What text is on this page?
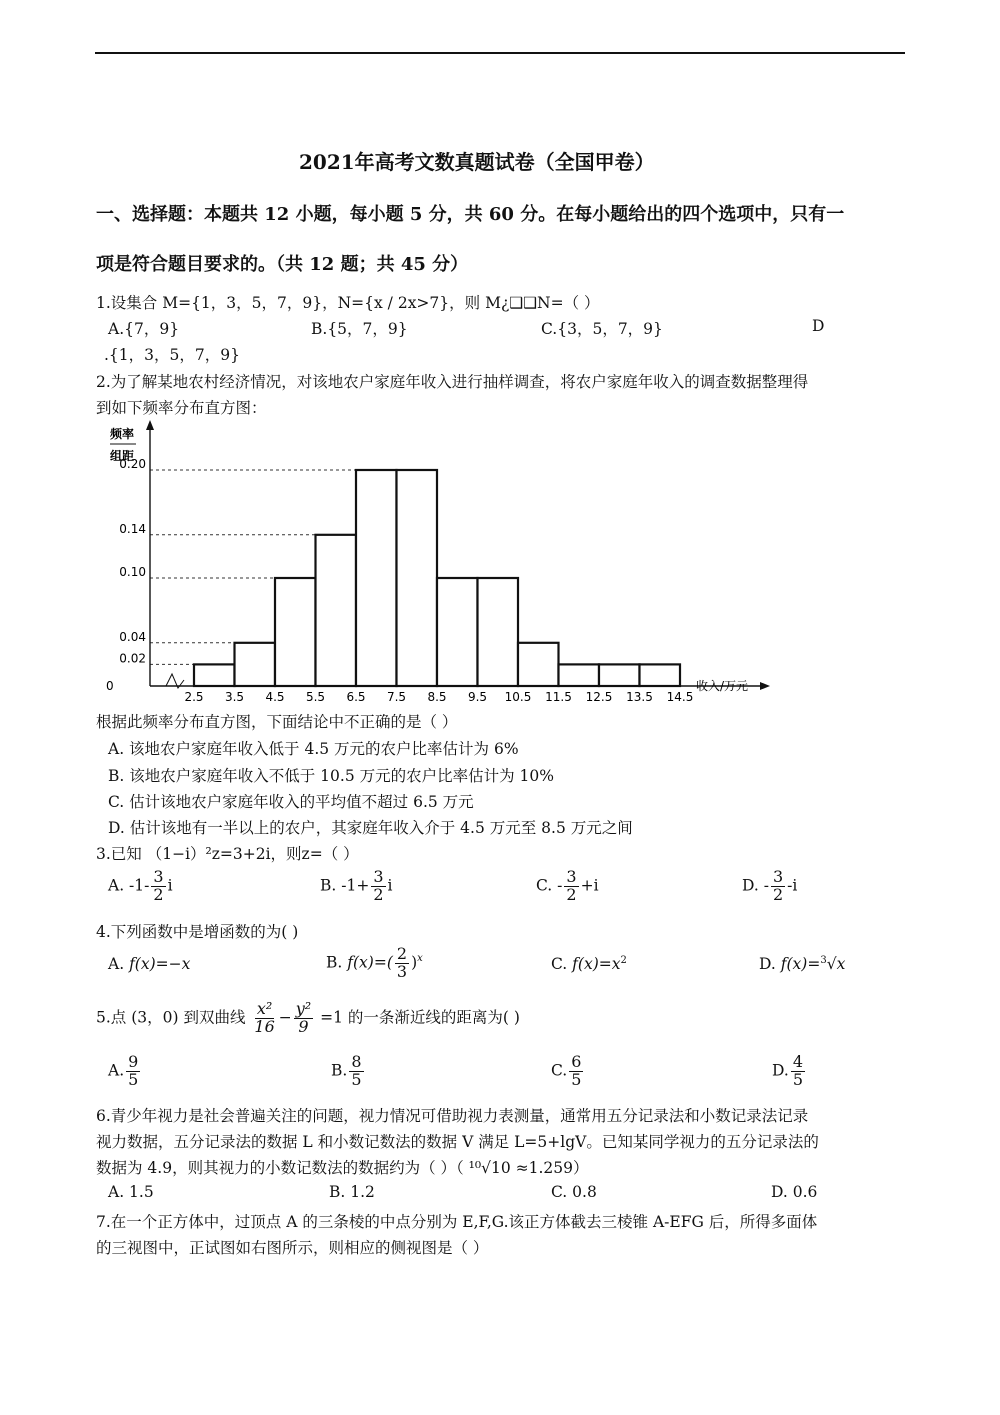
2021年高考文数真题试卷（全国甲卷）
一、选择题：本题共 12 小题，每小题 5 分，共 60 分。在每小题给出的四个选项中，只有一
项是符合题目要求的。（共 12 题；共 45 分）
1.设集合 M={1，3，5，7，9}，N={x / 2x>7}，则 M¿❑❑N=（ ）
A.{7，9}	B.{5，7，9}	C.{3，5，7，9}	D
.{1，3，5，7，9}
2.为了解某地农村经济情况，对该地农户家庭年收入进行抽样调查，将农户家庭年收入的调查数据整理得
到如下频率分布直方图：
2.5 3.5 4.5 5.5 6.5 7.5 8.5 9.5 10.5 11.5 12.5 13.5 14.5
0.02
0.04
0.10
0.14
0.20
0
频率
组距
收入/万元
根据此频率分布直方图，下面结论中不正确的是（ ）
A. 该地农户家庭年收入低于 4.5 万元的农户比率估计为 6%
B. 该地农户家庭年收入不低于 10.5 万元的农户比率估计为 10%
C. 估计该地农户家庭年收入的平均值不超过 6.5 万元
D. 估计该地有一半以上的农户，其家庭年收入介于 4.5 万元至 8.5 万元之间
3.已知 （1−i）²z=3+2i，则z=（ ）
A. $-1- \frac{3}{2}$ i	B. $-1+ \frac{3}{2}$ i	C. - $\frac{3}{2} +i$	D. - $\frac{3}{2} -i$
4.下列函数中是增函数的为( )
A. f(x)=−x	B. $f(x)=( \frac{2}{3} )^x$	C. $f(x)=x^2$	D. f(x)=$^3$√x
5.点 (3，0) 到双曲线 $\frac{\text{x²}}{16} - \frac{\text{y²}}{9} =1$ 的一条渐近线的距离为( )
A. $\frac{9}{5}$	B. $\frac{8}{5}$	C. $\frac{6}{5}$	D. $\frac{4}{5}$
6.青少年视力是社会普遍关注的问题，视力情况可借助视力表测量，通常用五分记录法和小数记录法记录
视力数据，五分记录法的数据 L 和小数记数法的数据 V 满足 L=5+lgV。已知某同学视力的五分记录法的
数据为 4.9，则其视力的小数记数法的数据约为（ ）（ ¹⁰√10 ≈1.259）
A. 1.5	B. 1.2	C. 0.8	D. 0.6
7.在一个正方体中，过顶点 A 的三条棱的中点分别为 E,F,G.该正方体截去三棱锥 A-EFG 后，所得多面体
的三视图中，正试图如右图所示，则相应的侧视图是（ ）
